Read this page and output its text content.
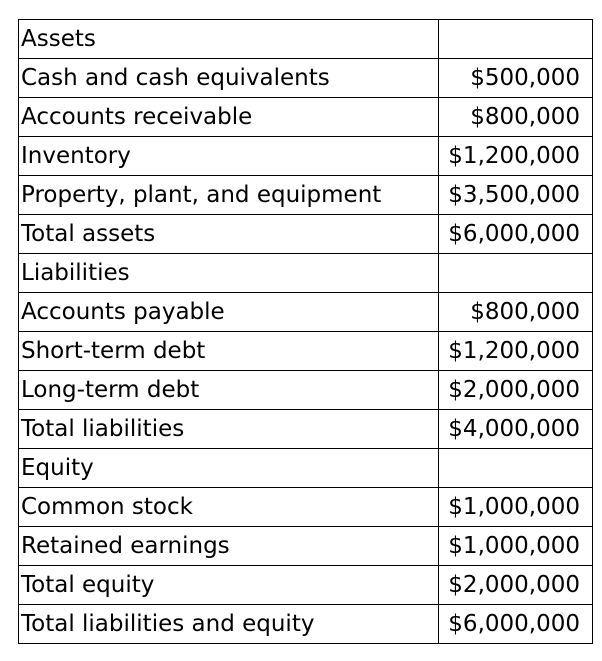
Assets	
Cash and cash equivalents	$500,000
Accounts receivable	$800,000
Inventory	$1,200,000
Property, plant, and equipment	$3,500,000
Total assets	$6,000,000
Liabilities	
Accounts payable	$800,000
Short-term debt	$1,200,000
Long-term debt	$2,000,000
Total liabilities	$4,000,000
Equity	
Common stock	$1,000,000
Retained earnings	$1,000,000
Total equity	$2,000,000
Total liabilities and equity	$6,000,000
